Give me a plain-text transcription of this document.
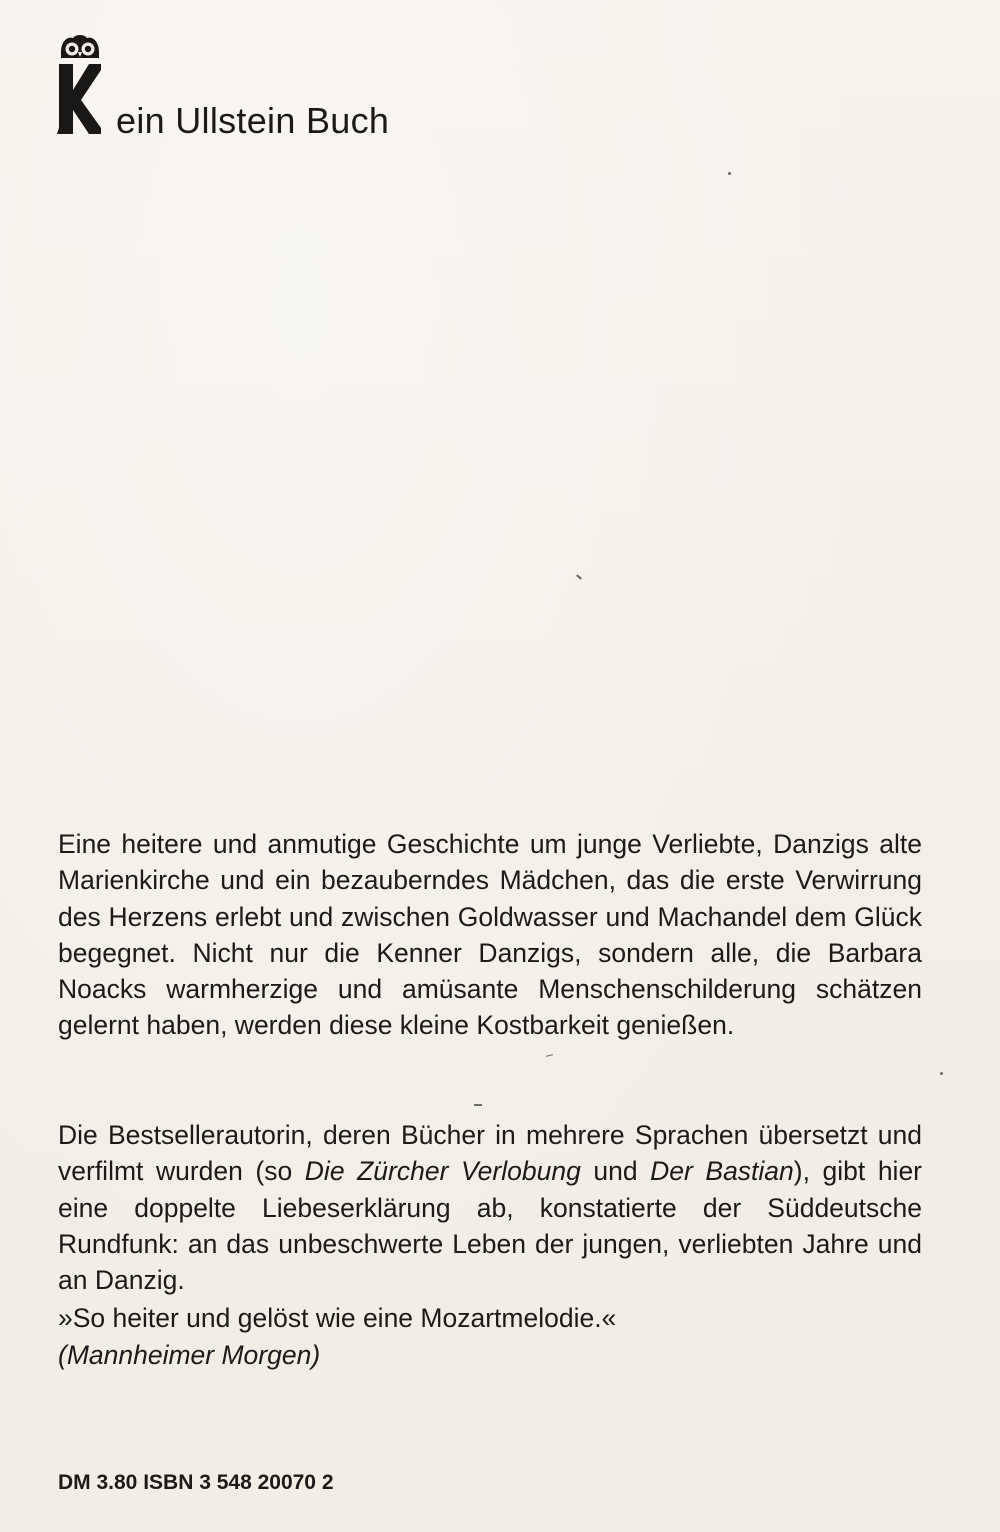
ein Ullstein Buch

Eine heitere und anmutige Geschichte um junge Verliebte, Danzigs alte Marienkirche und ein bezauberndes Mädchen, das die erste Verwirrung des Herzens erlebt und zwischen Goldwasser und Machandel dem Glück begegnet. Nicht nur die Kenner Danzigs, sondern alle, die Barbara Noacks warmherzige und amüsante Menschenschilderung schätzen gelernt haben, werden diese kleine Kostbarkeit genießen.

Die Bestsellerautorin, deren Bücher in mehrere Sprachen übersetzt und verfilmt wurden (so Die Zürcher Verlobung und Der Bastian), gibt hier eine doppelte Liebeserklärung ab, konstatierte der Süddeutsche Rundfunk: an das unbeschwerte Leben der jungen, verliebten Jahre und an Danzig.

»So heiter und gelöst wie eine Mozartmelodie.«
(Mannheimer Morgen)
DM 3.80 ISBN 3 548 20070 2
